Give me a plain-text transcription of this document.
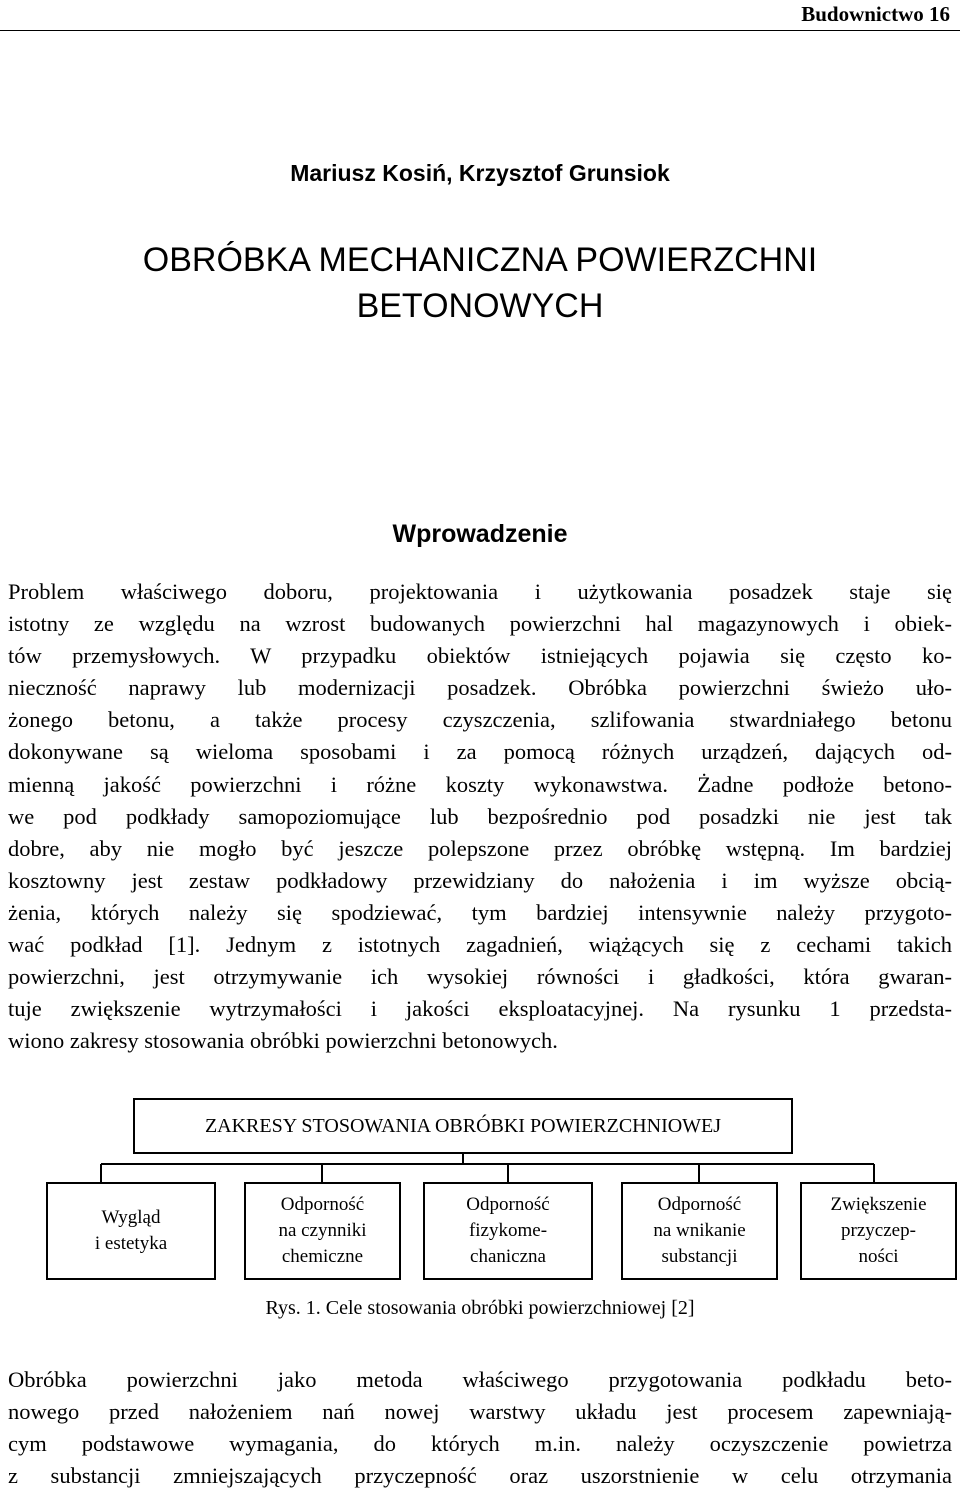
Budownictwo 16
Mariusz Kosiń, Krzysztof Grunsiok
OBRÓBKA MECHANICZNA POWIERZCHNI
BETONOWYCH
Wprowadzenie
Problem właściwego doboru, projektowania i użytkowania posadzek staje się
istotny ze względu na wzrost budowanych powierzchni hal magazynowych i obiek-
tów przemysłowych. W przypadku obiektów istniejących pojawia się często ko-
nieczność naprawy lub modernizacji posadzek. Obróbka powierzchni świeżo uło-
żonego betonu, a także procesy czyszczenia, szlifowania stwardniałego betonu
dokonywane są wieloma sposobami i za pomocą różnych urządzeń, dających od-
mienną jakość powierzchni i różne koszty wykonawstwa. Żadne podłoże betono-
we pod podkłady samopoziomujące lub bezpośrednio pod posadzki nie jest tak
dobre, aby nie mogło być jeszcze polepszone przez obróbkę wstępną. Im bardziej
kosztowny jest zestaw podkładowy przewidziany do nałożenia i im wyższe obcią-
żenia, których należy się spodziewać, tym bardziej intensywnie należy przygoto-
wać podkład [1]. Jednym z istotnych zagadnień, wiążących się z cechami takich
powierzchni, jest otrzymywanie ich wysokiej równości i gładkości, która gwaran-
tuje zwiększenie wytrzymałości i jakości eksploatacyjnej. Na rysunku 1 przedsta-
wiono zakresy stosowania obróbki powierzchni betonowych.
ZAKRESY STOSOWANIA OBRÓBKI POWIERZCHNIOWEJ
Wygląd
i estetyka
Odporność
na czynniki
chemiczne
Odporność
fizykome-
chaniczna
Odporność
na wnikanie
substancji
Zwiększenie
przyczep-
ności
Rys. 1. Cele stosowania obróbki powierzchniowej [2]
Obróbka powierzchni jako metoda właściwego przygotowania podkładu beto-
nowego przed nałożeniem nań nowej warstwy układu jest procesem zapewniają-
cym podstawowe wymagania, do których m.in. należy oczyszczenie powietrza
z substancji zmniejszających przyczepność oraz uszorstnienie w celu otrzymania
